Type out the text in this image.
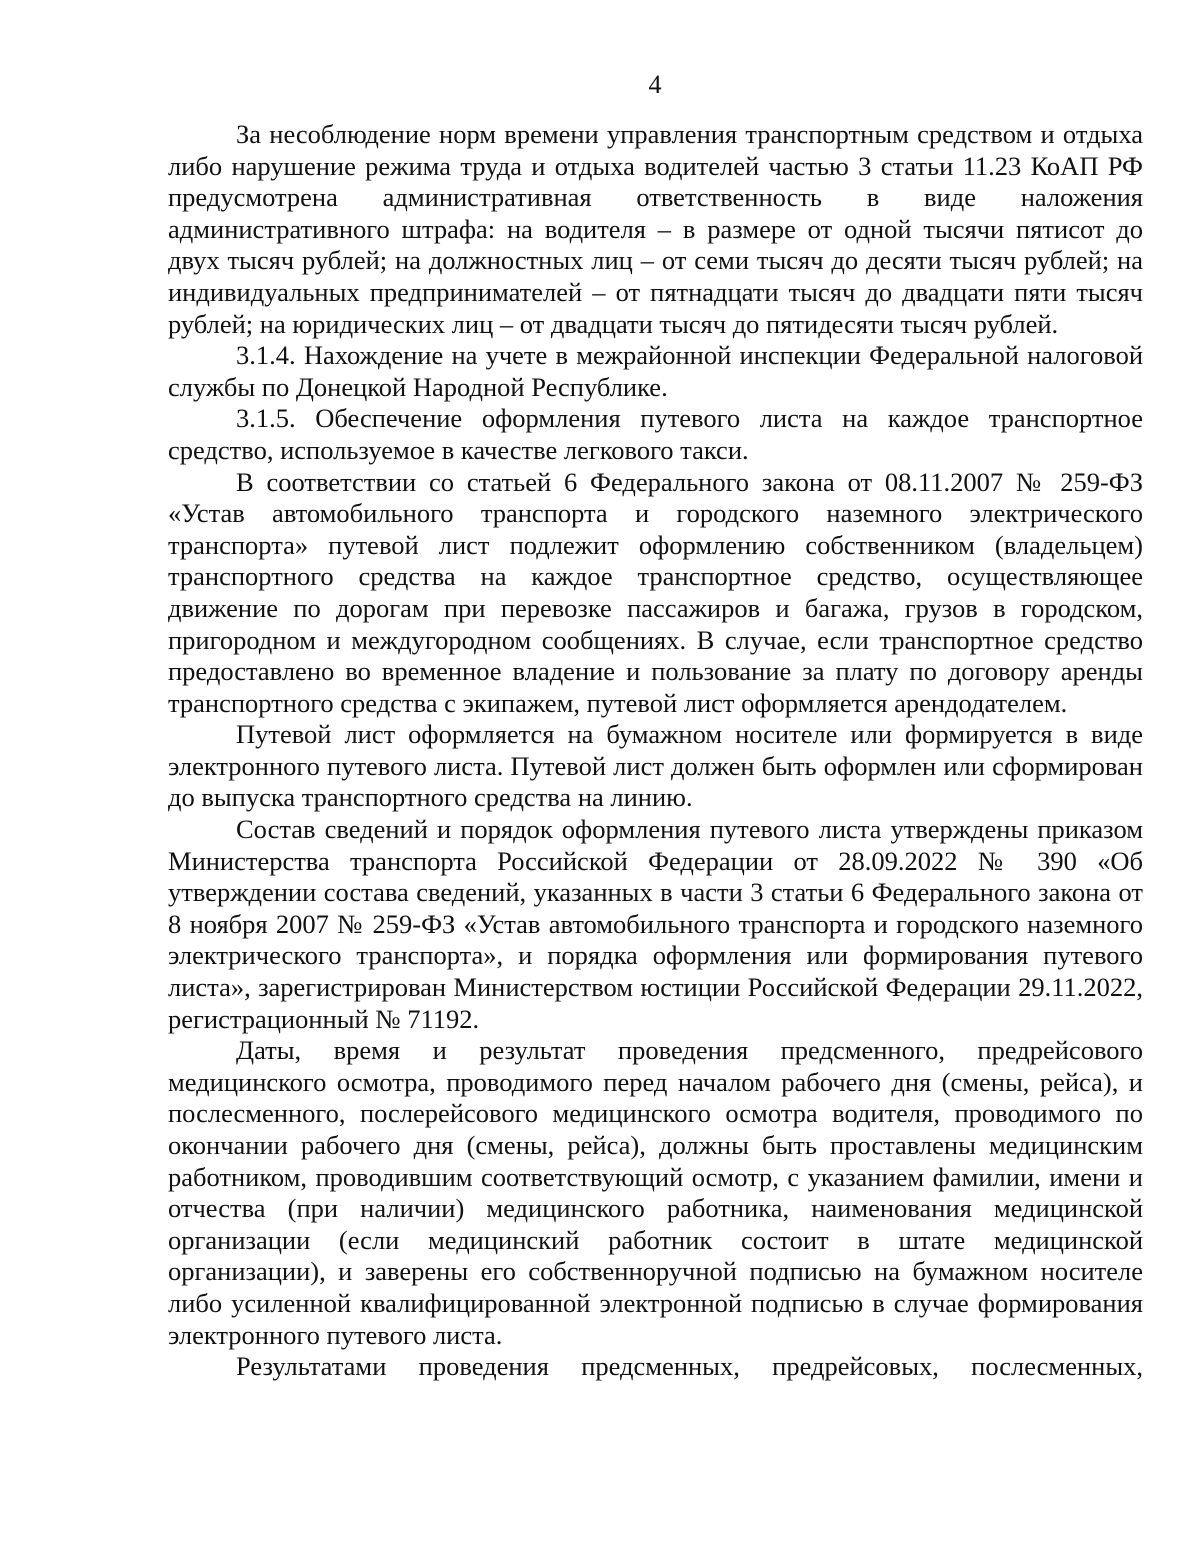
4

За несоблюдение норм времени управления транспортным средством и отдыха либо нарушение режима труда и отдыха водителей частью 3 статьи 11.23 КоАП РФ предусмотрена административная ответственность в виде наложения административного штрафа: на водителя – в размере от одной тысячи пятисот до двух тысяч рублей; на должностных лиц – от семи тысяч до десяти тысяч рублей; на индивидуальных предпринимателей – от пятнадцати тысяч до двадцати пяти тысяч рублей; на юридических лиц – от двадцати тысяч до пятидесяти тысяч рублей.

3.1.4. Нахождение на учете в межрайонной инспекции Федеральной налоговой службы по Донецкой Народной Республике.

3.1.5. Обеспечение оформления путевого листа на каждое транспортное средство, используемое в качестве легкового такси.

В соответствии со статьей 6 Федерального закона от 08.11.2007 № 259-ФЗ «Устав автомобильного транспорта и городского наземного электрического транспорта» путевой лист подлежит оформлению собственником (владельцем) транспортного средства на каждое транспортное средство, осуществляющее движение по дорогам при перевозке пассажиров и багажа, грузов в городском, пригородном и междугородном сообщениях. В случае, если транспортное средство предоставлено во временное владение и пользование за плату по договору аренды транспортного средства с экипажем, путевой лист оформляется арендодателем.

Путевой лист оформляется на бумажном носителе или формируется в виде электронного путевого листа. Путевой лист должен быть оформлен или сформирован до выпуска транспортного средства на линию.

Состав сведений и порядок оформления путевого листа утверждены приказом Министерства транспорта Российской Федерации от 28.09.2022 № 390 «Об утверждении состава сведений, указанных в части 3 статьи 6 Федерального закона от 8 ноября 2007 № 259-ФЗ «Устав автомобильного транспорта и городского наземного электрического транспорта», и порядка оформления или формирования путевого листа», зарегистрирован Министерством юстиции Российской Федерации 29.11.2022, регистрационный № 71192.

Даты, время и результат проведения предсменного, предрейсового медицинского осмотра, проводимого перед началом рабочего дня (смены, рейса), и послесменного, послерейсового медицинского осмотра водителя, проводимого по окончании рабочего дня (смены, рейса), должны быть проставлены медицинским работником, проводившим соответствующий осмотр, с указанием фамилии, имени и отчества (при наличии) медицинского работника, наименования медицинской организации (если медицинский работник состоит в штате медицинской организации), и заверены его собственноручной подписью на бумажном носителе либо усиленной квалифицированной электронной подписью в случае формирования электронного путевого листа.

Результатами проведения предсменных, предрейсовых, послесменных,
